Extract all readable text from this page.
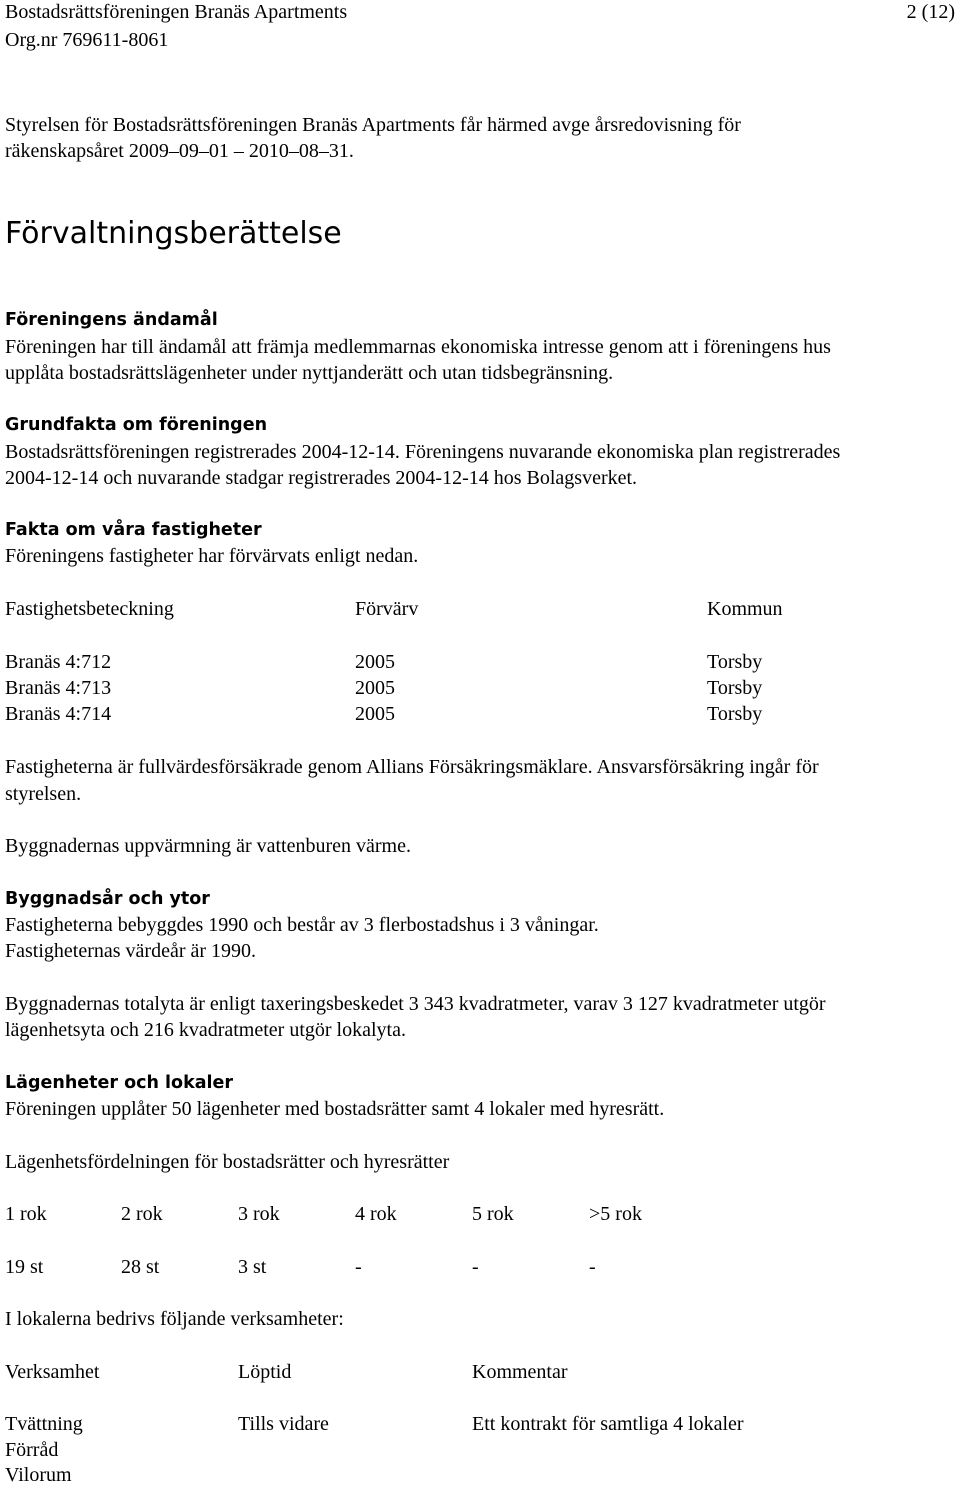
Bostadsrättsföreningen Branäs Apartments	2 (12)
Org.nr 769611-8061
Styrelsen för Bostadsrättsföreningen Branäs Apartments får härmed avge årsredovisning för
räkenskapsåret 2009–09–01 – 2010–08–31.
Förvaltningsberättelse
Föreningens ändamål
Föreningen har till ändamål att främja medlemmarnas ekonomiska intresse genom att i föreningens hus
upplåta bostadsrättslägenheter under nyttjanderätt och utan tidsbegränsning.
Grundfakta om föreningen
Bostadsrättsföreningen registrerades 2004-12-14. Föreningens nuvarande ekonomiska plan registrerades
2004-12-14 och nuvarande stadgar registrerades 2004-12-14 hos Bolagsverket.
Fakta om våra fastigheter
Föreningens fastigheter har förvärvats enligt nedan.
Fastighetsbeteckning	Förvärv	Kommun
Branäs 4:712	2005	Torsby
Branäs 4:713	2005	Torsby
Branäs 4:714	2005	Torsby
Fastigheterna är fullvärdesförsäkrade genom Allians Försäkringsmäklare. Ansvarsförsäkring ingår för
styrelsen.
Byggnadernas uppvärmning är vattenburen värme.
Byggnadsår och ytor
Fastigheterna bebyggdes 1990 och består av 3 flerbostadshus i 3 våningar.
Fastigheternas värdeår är 1990.
Byggnadernas totalyta är enligt taxeringsbeskedet 3 343 kvadratmeter, varav 3 127 kvadratmeter utgör
lägenhetsyta och 216 kvadratmeter utgör lokalyta.
Lägenheter och lokaler
Föreningen upplåter 50 lägenheter med bostadsrätter samt 4 lokaler med hyresrätt.
Lägenhetsfördelningen för bostadsrätter och hyresrätter
1 rok	2 rok	3 rok	4 rok	5 rok	>5 rok
19 st	28 st	3 st	-	-	-
I lokalerna bedrivs följande verksamheter:
Verksamhet	Löptid	Kommentar
Tvättning	Tills vidare	Ett kontrakt för samtliga 4 lokaler
Förråd
Vilorum
